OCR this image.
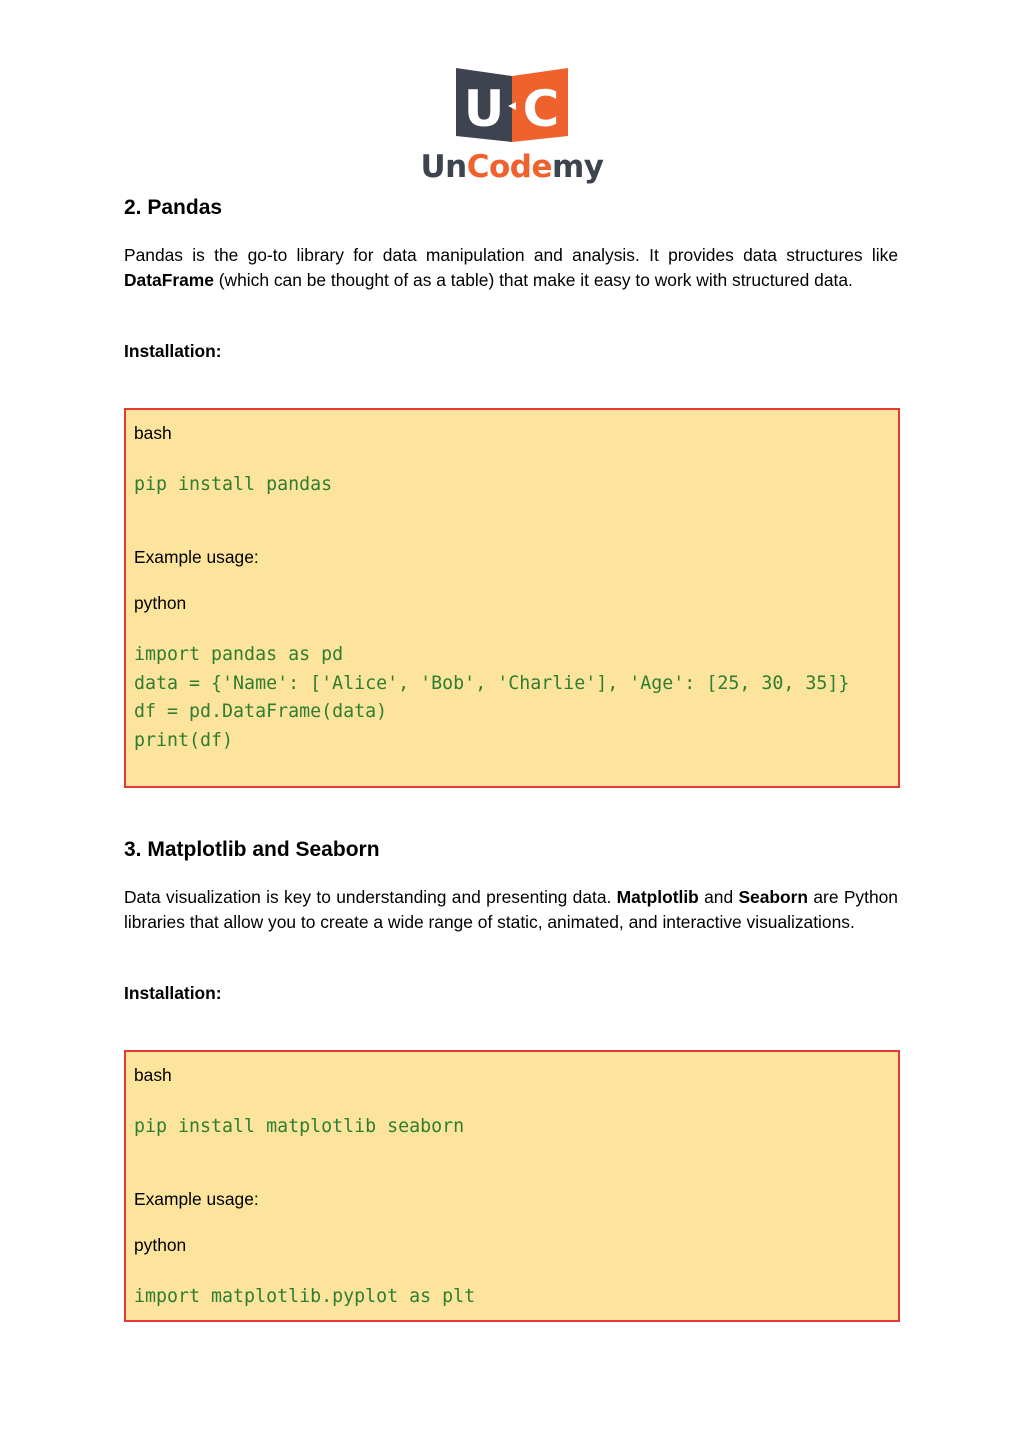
U C
UnCodemy
2. Pandas

Pandas is the go-to library for data manipulation and analysis. It provides data structures like DataFrame (which can be thought of as a table) that make it easy to work with structured data.

Installation:

bash
pip install pandas
Example usage:
python
import pandas as pd
data = {'Name': ['Alice', 'Bob', 'Charlie'], 'Age': [25, 30, 35]}
df = pd.DataFrame(data)
print(df)
3. Matplotlib and Seaborn

Data visualization is key to understanding and presenting data. Matplotlib and Seaborn are Python libraries that allow you to create a wide range of static, animated, and interactive visualizations.

Installation:

bash
pip install matplotlib seaborn
Example usage:
python
import matplotlib.pyplot as plt
